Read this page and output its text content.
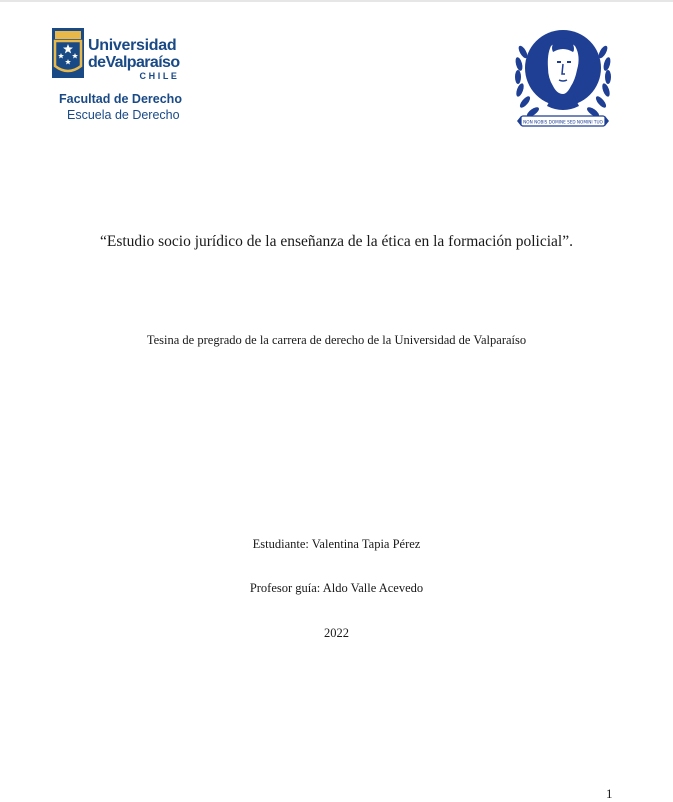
Universidad
deValparaíso
CHILE
Facultad de Derecho
Escuela de Derecho	NON NOBIS DOMINE SED NOMINI TUO
“Estudio socio jurídico de la enseñanza de la ética en la formación policial”.
Tesina de pregrado de la carrera de derecho de la Universidad de Valparaíso
Estudiante: Valentina Tapia Pérez
Profesor guía: Aldo Valle Acevedo
2022
1
